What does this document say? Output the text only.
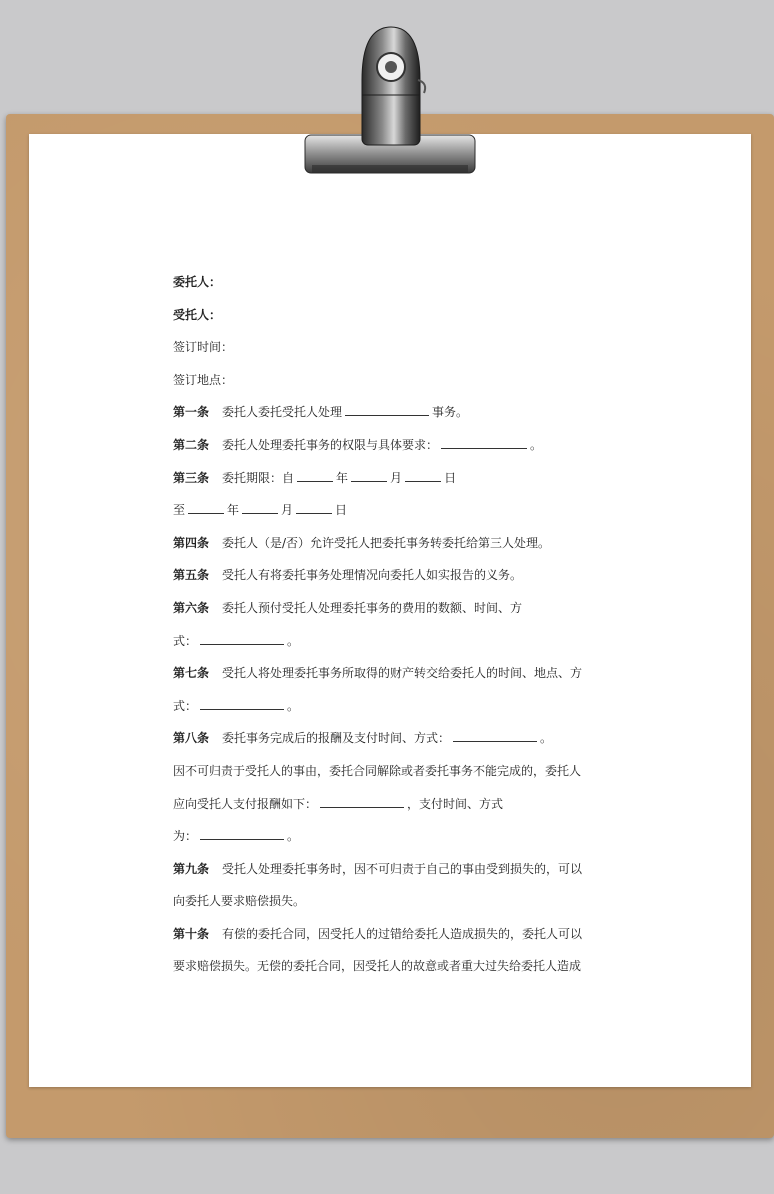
委托人：
受托人：
签订时间：
签订地点：
第一条 委托人委托受托人处理	事务。
第二条 委托人处理委托事务的权限与具体要求：	。
第三条 委托期限：自	年	月	日
至	年	月	日
第四条 委托人（是/否）允许受托人把委托事务转委托给第三人处理。
第五条 受托人有将委托事务处理情况向委托人如实报告的义务。
第六条 委托人预付受托人处理委托事务的费用的数额、时间、方
式：	。
第七条 受托人将处理委托事务所取得的财产转交给委托人的时间、地点、方
式：	。
第八条 委托事务完成后的报酬及支付时间、方式：	。
因不可归责于受托人的事由，委托合同解除或者委托事务不能完成的，委托人
应向受托人支付报酬如下：	，支付时间、方式
为：	。
第九条 受托人处理委托事务时，因不可归责于自己的事由受到损失的，可以
向委托人要求赔偿损失。
第十条 有偿的委托合同，因受托人的过错给委托人造成损失的，委托人可以
要求赔偿损失。无偿的委托合同，因受托人的故意或者重大过失给委托人造成
